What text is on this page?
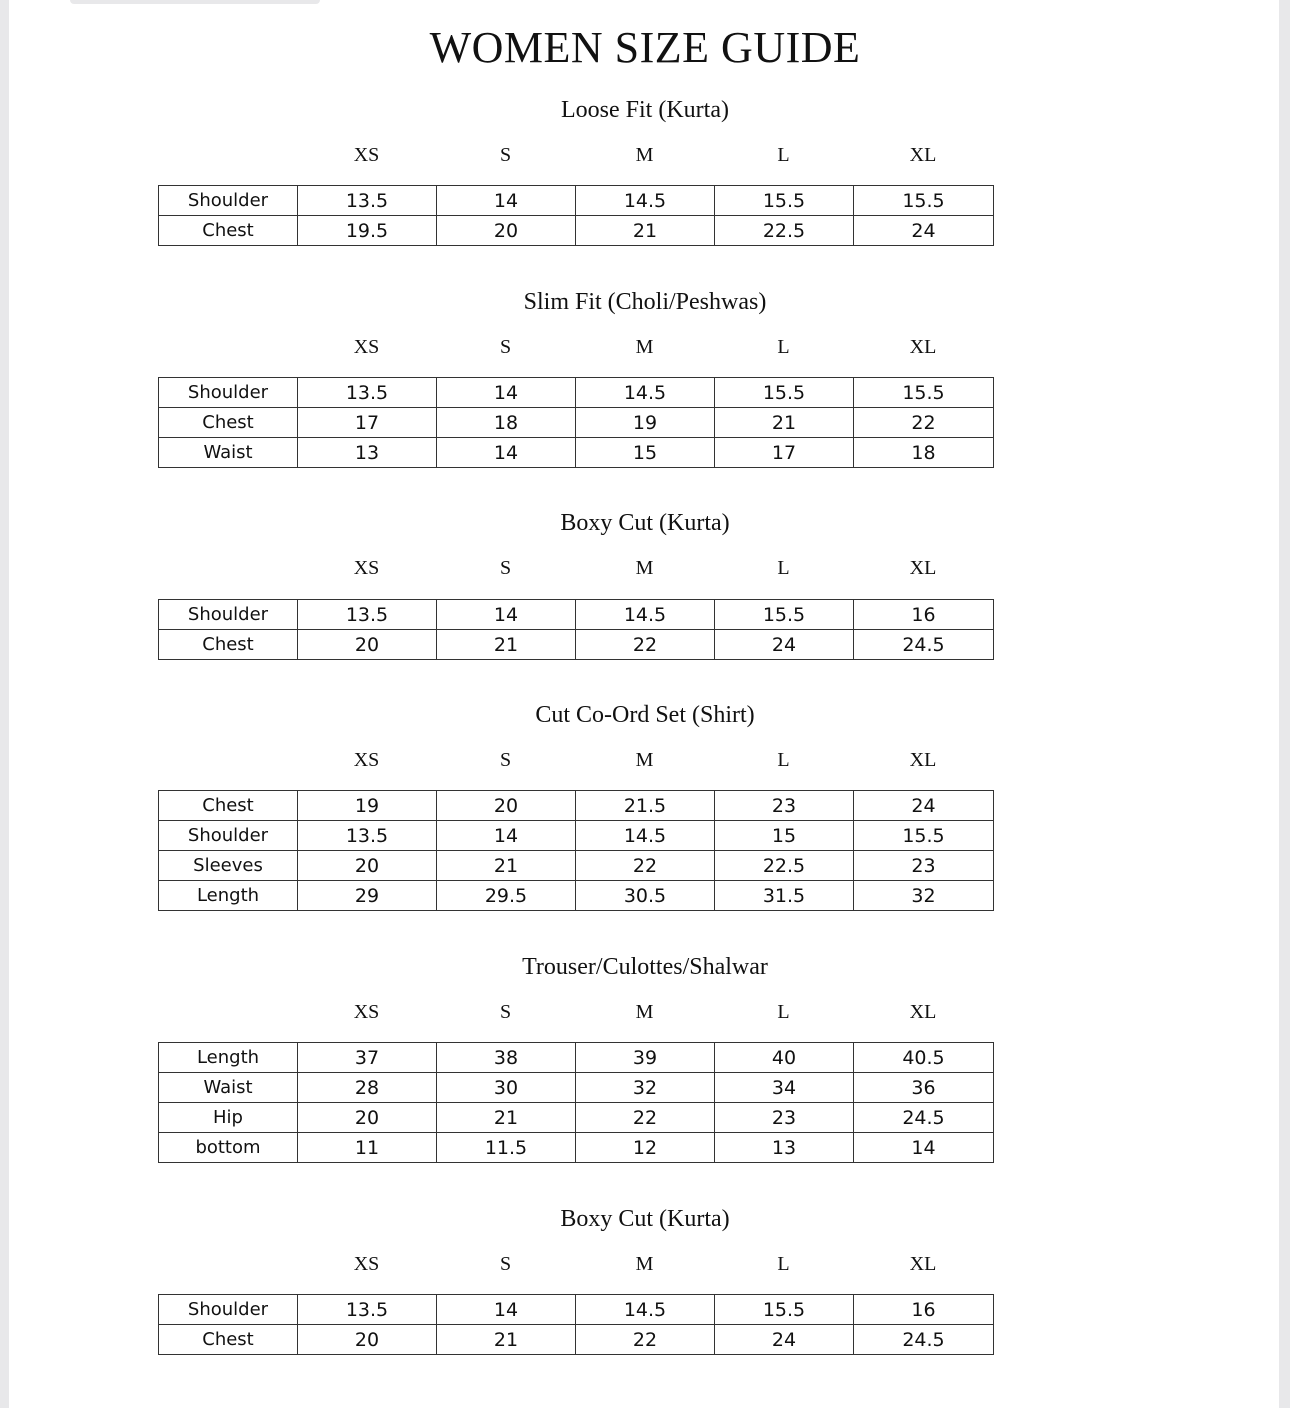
WOMEN SIZE GUIDE
Loose Fit (Kurta)
XS	S	M	L	XL
Shoulder	13.5	14	14.5	15.5	15.5
Chest	19.5	20	21	22.5	24
Slim Fit (Choli/Peshwas)
XS	S	M	L	XL
Shoulder	13.5	14	14.5	15.5	15.5
Chest	17	18	19	21	22
Waist	13	14	15	17	18
Boxy Cut (Kurta)
XS	S	M	L	XL
Shoulder	13.5	14	14.5	15.5	16
Chest	20	21	22	24	24.5
Cut Co-Ord Set (Shirt)
XS	S	M	L	XL
Chest	19	20	21.5	23	24
Shoulder	13.5	14	14.5	15	15.5
Sleeves	20	21	22	22.5	23
Length	29	29.5	30.5	31.5	32
Trouser/Culottes/Shalwar
XS	S	M	L	XL
Length	37	38	39	40	40.5
Waist	28	30	32	34	36
Hip	20	21	22	23	24.5
bottom	11	11.5	12	13	14
Boxy Cut (Kurta)
XS	S	M	L	XL
Shoulder	13.5	14	14.5	15.5	16
Chest	20	21	22	24	24.5
